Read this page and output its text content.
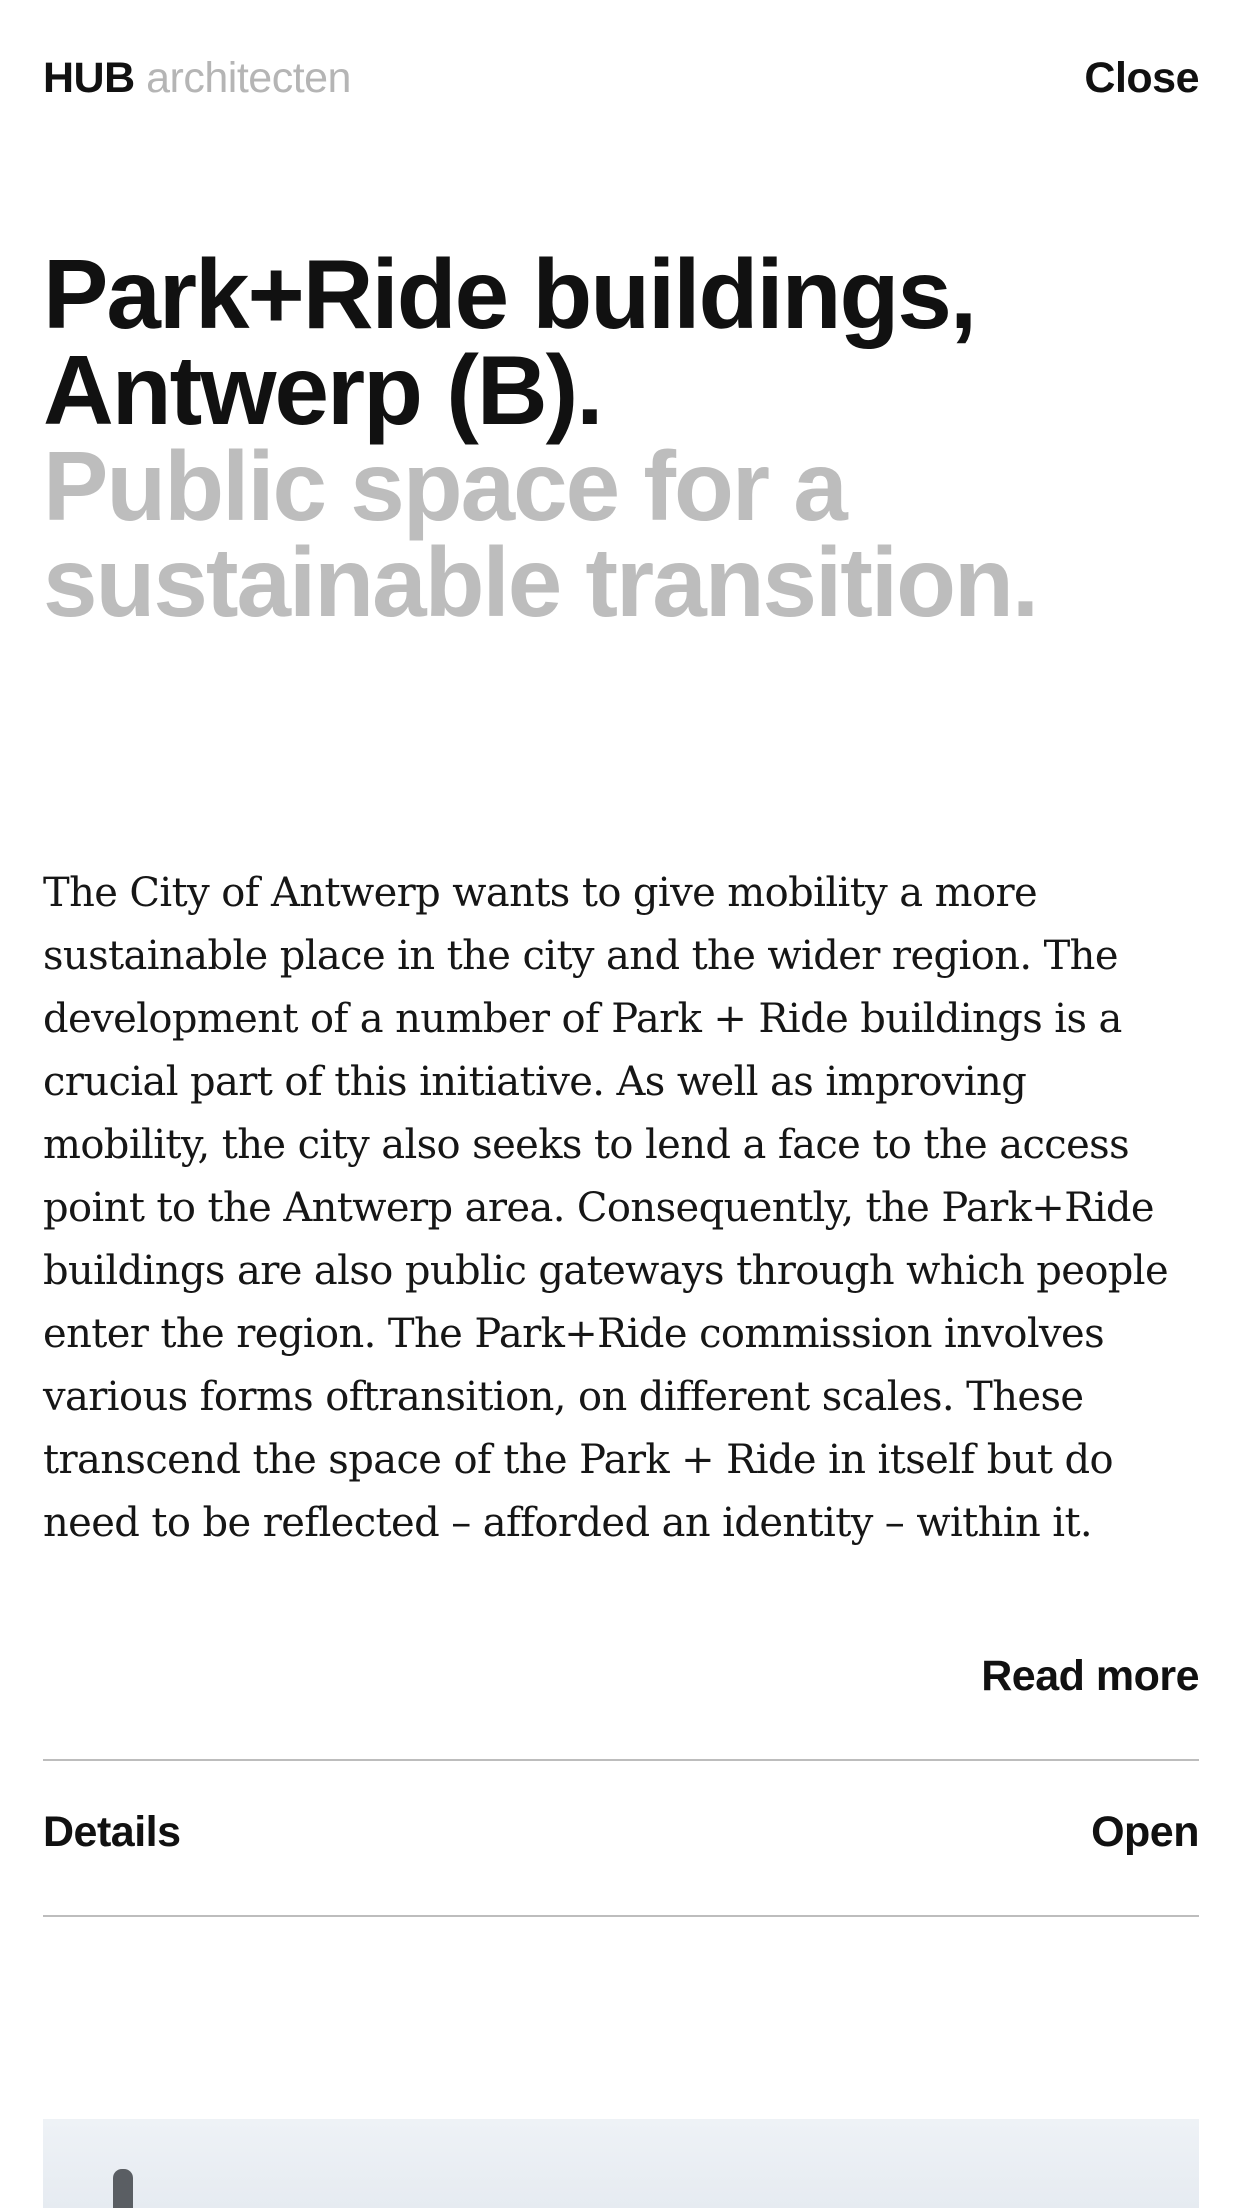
HUB architecten	Close
Park+Ride buildings,
Antwerp (B).
Public space for a
sustainable transition.

The City of Antwerp wants to give mobility a more sustainable place in the city and the wider region. The development of a number of Park + Ride buildings is a crucial part of this initiative. As well as improving mobility, the city also seeks to lend a face to the access point to the Antwerp area. Consequently, the Park+Ride buildings are also public gateways through which people enter the region. The Park+Ride commission involves various forms oftransition, on different scales. These transcend the space of the Park + Ride in itself but do need to be reflected – afforded an identity – within it.

Read more
Details	Open
